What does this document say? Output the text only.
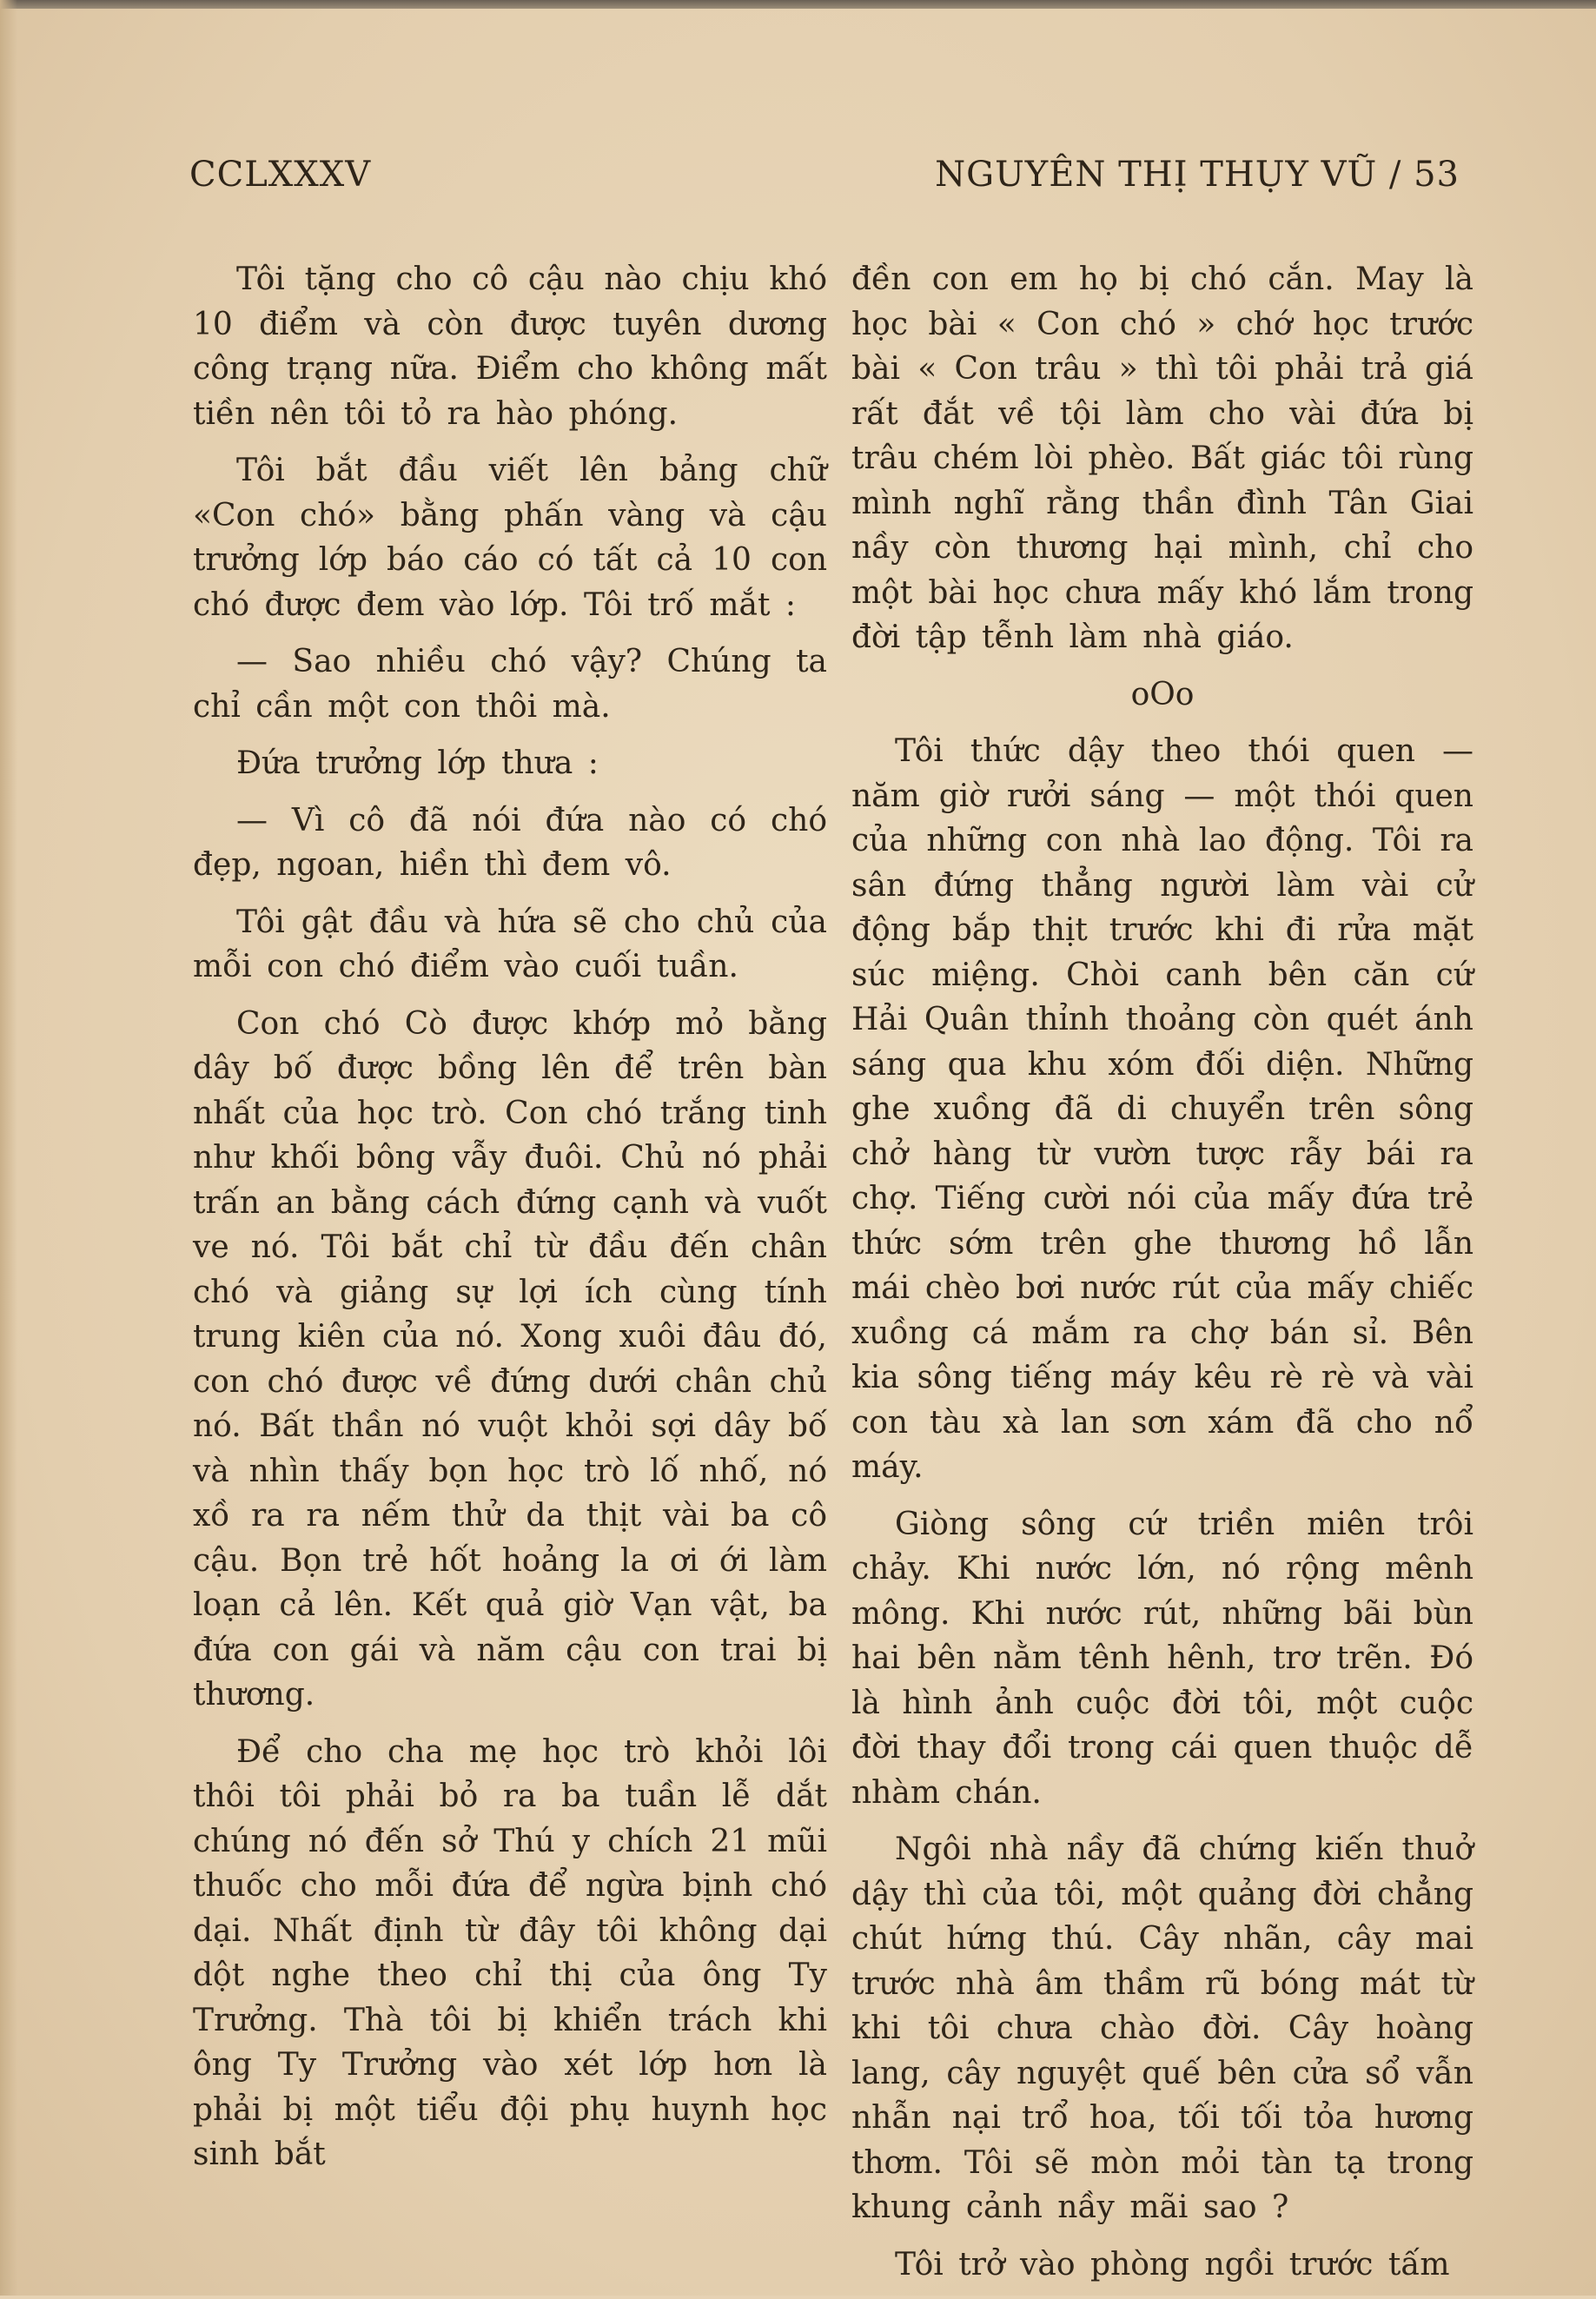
CCLXXXV	NGUYÊN THỊ THỤY VŨ / 53

Tôi tặng cho cô cậu nào chịu khó 10 điểm và còn được tuyên dương công trạng nữa. Điểm cho không mất tiền nên tôi tỏ ra hào phóng.

Tôi bắt đầu viết lên bảng chữ «Con chó» bằng phấn vàng và cậu trưởng lớp báo cáo có tất cả 10 con chó được đem vào lớp. Tôi trố mắt :

— Sao nhiều chó vậy? Chúng ta chỉ cần một con thôi mà.

Đứa trưởng lớp thưa :

— Vì cô đã nói đứa nào có chó đẹp, ngoan, hiền thì đem vô.

Tôi gật đầu và hứa sẽ cho chủ của mỗi con chó điểm vào cuối tuần.

Con chó Cò được khớp mỏ bằng dây bố được bồng lên để trên bàn nhất của học trò. Con chó trắng tinh như khối bông vẫy đuôi. Chủ nó phải trấn an bằng cách đứng cạnh và vuốt ve nó. Tôi bắt chỉ từ đầu đến chân chó và giảng sự lợi ích cùng tính trung kiên của nó. Xong xuôi đâu đó, con chó được về đứng dưới chân chủ nó. Bất thần nó vuột khỏi sợi dây bố và nhìn thấy bọn học trò lố nhố, nó xồ ra ra nếm thử da thịt vài ba cô cậu. Bọn trẻ hốt hoảng la ơi ới làm loạn cả lên. Kết quả giờ Vạn vật, ba đứa con gái và năm cậu con trai bị thương.

Để cho cha mẹ học trò khỏi lôi thôi tôi phải bỏ ra ba tuần lễ dắt chúng nó đến sở Thú y chích 21 mũi thuốc cho mỗi đứa để ngừa bịnh chó dại. Nhất định từ đây tôi không dại dột nghe theo chỉ thị của ông Ty Trưởng. Thà tôi bị khiển trách khi ông Ty Trưởng vào xét lớp hơn là phải bị một tiểu đội phụ huynh học sinh bắt

đền con em họ bị chó cắn. May là học bài « Con chó » chớ học trước bài « Con trâu » thì tôi phải trả giá rất đắt về tội làm cho vài đứa bị trâu chém lòi phèo. Bất giác tôi rùng mình nghĩ rằng thần đình Tân Giai nầy còn thương hại mình, chỉ cho một bài học chưa mấy khó lắm trong đời tập tễnh làm nhà giáo.

oOo

Tôi thức dậy theo thói quen — năm giờ rưởi sáng — một thói quen của những con nhà lao động. Tôi ra sân đứng thẳng người làm vài cử động bắp thịt trước khi đi rửa mặt súc miệng. Chòi canh bên căn cứ Hải Quân thỉnh thoảng còn quét ánh sáng qua khu xóm đối diện. Những ghe xuồng đã di chuyển trên sông chở hàng từ vườn tược rẫy bái ra chợ. Tiếng cười nói của mấy đứa trẻ thức sớm trên ghe thương hồ lẫn mái chèo bơi nước rút của mấy chiếc xuồng cá mắm ra chợ bán sỉ. Bên kia sông tiếng máy kêu rè rè và vài con tàu xà lan sơn xám đã cho nổ máy.

Giòng sông cứ triền miên trôi chảy. Khi nước lớn, nó rộng mênh mông. Khi nước rút, những bãi bùn hai bên nằm tênh hênh, trơ trẽn. Đó là hình ảnh cuộc đời tôi, một cuộc đời thay đổi trong cái quen thuộc dễ nhàm chán.

Ngôi nhà nầy đã chứng kiến thuở dậy thì của tôi, một quảng đời chẳng chút hứng thú. Cây nhãn, cây mai trước nhà âm thầm rũ bóng mát từ khi tôi chưa chào đời. Cây hoàng lang, cây nguyệt quế bên cửa sổ vẫn nhẫn nại trổ hoa, tối tối tỏa hương thơm. Tôi sẽ mòn mỏi tàn tạ trong khung cảnh nầy mãi sao ?

Tôi trở vào phòng ngồi trước tấm
